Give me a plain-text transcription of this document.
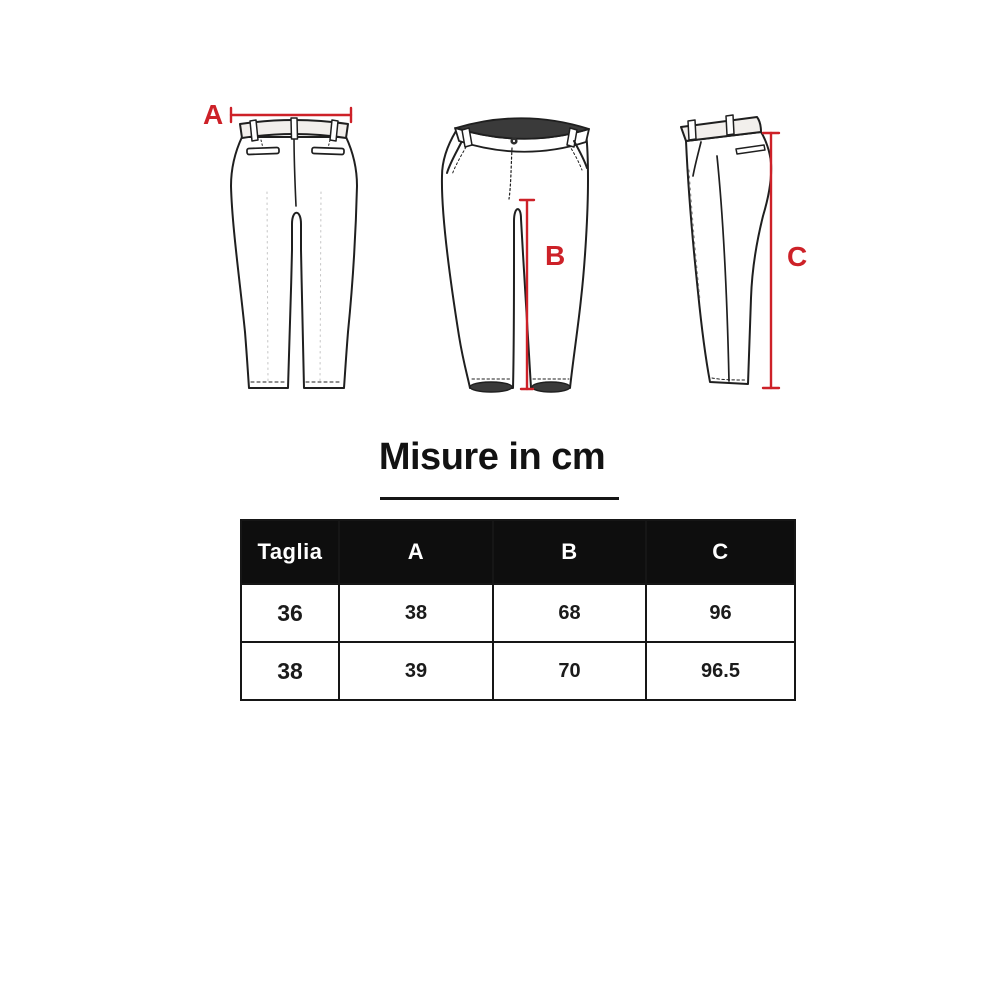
A
B	C
Misure in cm
Taglia	A	B	C
36	38	68	96
38	39	70	96.5
